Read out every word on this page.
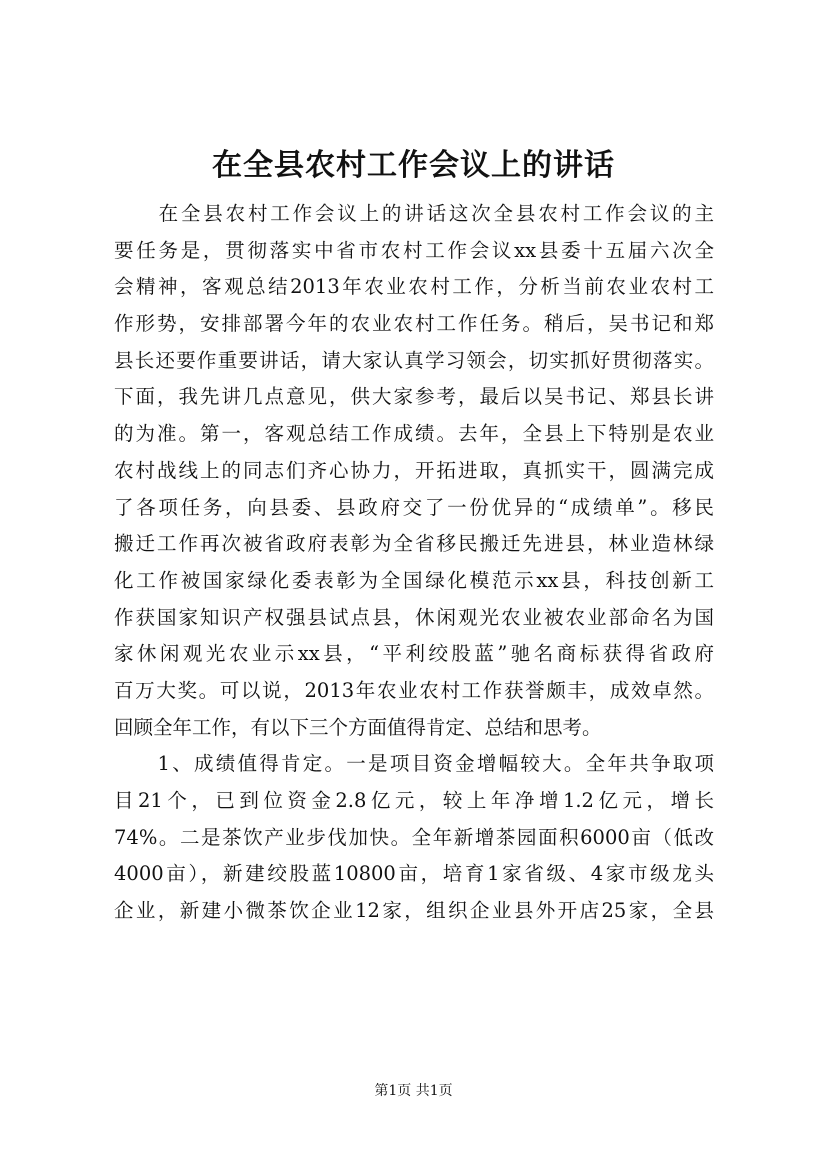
在全县农村工作会议上的讲话
　　在全县农村工作会议上的讲话这次全县农村工作会议的主
要任务是，贯彻落实中省市农村工作会议xx县委十五届六次全
会精神，客观总结2013年农业农村工作，分析当前农业农村工
作形势，安排部署今年的农业农村工作任务。稍后，吴书记和郑
县长还要作重要讲话，请大家认真学习领会，切实抓好贯彻落实。
下面，我先讲几点意见，供大家参考，最后以吴书记、郑县长讲
的为准。第一，客观总结工作成绩。去年，全县上下特别是农业
农村战线上的同志们齐心协力，开拓进取，真抓实干，圆满完成
了各项任务，向县委、县政府交了一份优异的“成绩单”。移民
搬迁工作再次被省政府表彰为全省移民搬迁先进县，林业造林绿
化工作被国家绿化委表彰为全国绿化模范示xx县，科技创新工
作获国家知识产权强县试点县，休闲观光农业被农业部命名为国
家休闲观光农业示xx县，“平利绞股蓝”驰名商标获得省政府
百万大奖。可以说，2013年农业农村工作获誉颇丰，成效卓然。
回顾全年工作，有以下三个方面值得肯定、总结和思考。
　　1、成绩值得肯定。一是项目资金增幅较大。全年共争取项
目21个，已到位资金2.8亿元，较上年净增1.2亿元，增长
74%。二是茶饮产业步伐加快。全年新增茶园面积6000亩（低改
4000亩），新建绞股蓝10800亩，培育1家省级、4家市级龙头
企业，新建小微茶饮企业12家，组织企业县外开店25家，全县
第1页 共1页
